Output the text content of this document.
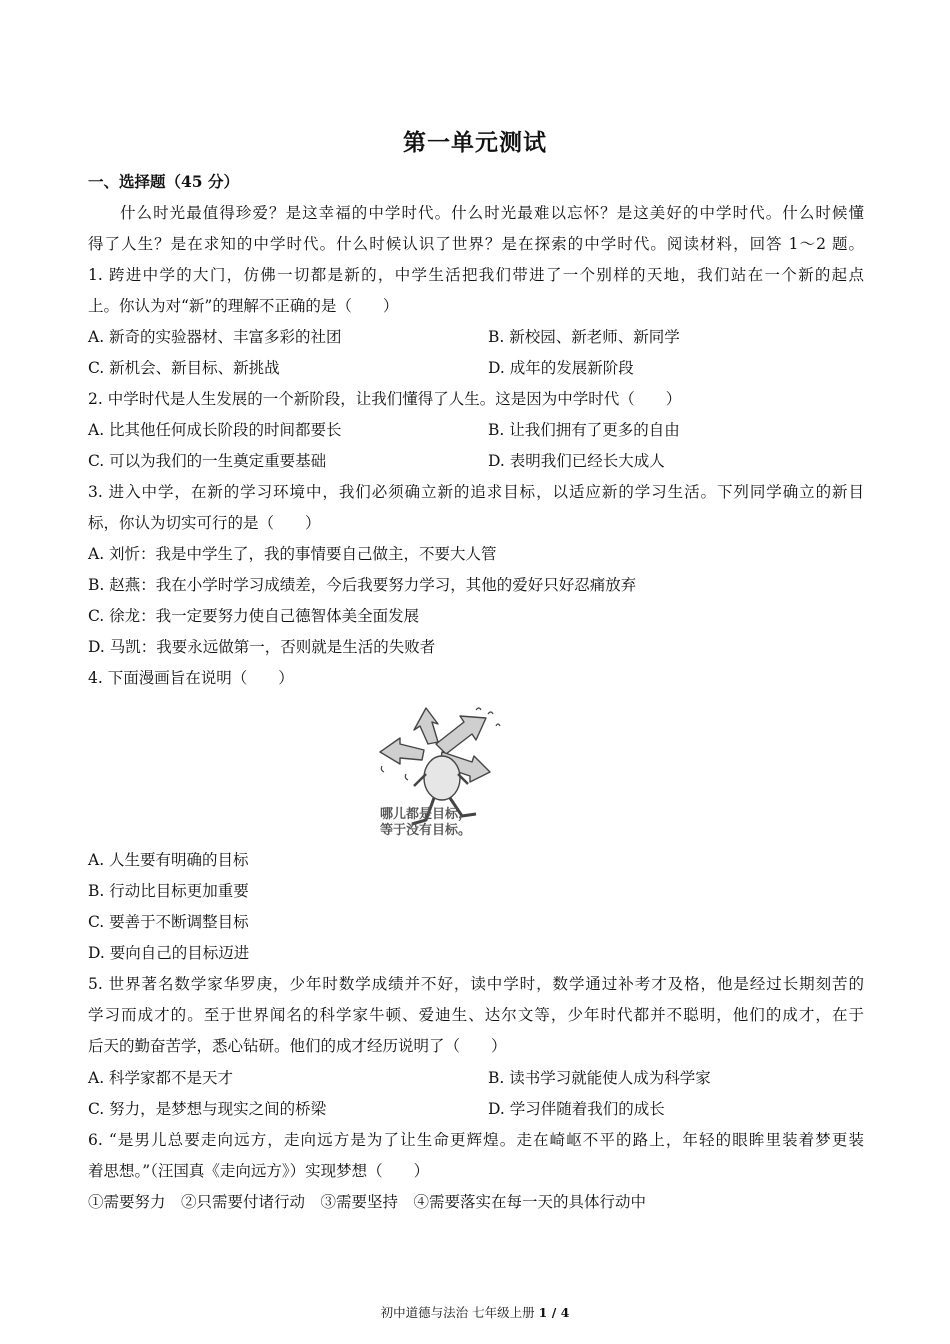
第一单元测试
一、选择题（45 分）
什么时光最值得珍爱？是这幸福的中学时代。什么时光最难以忘怀？是这美好的中学时代。什么时候懂
得了人生？是在求知的中学时代。什么时候认识了世界？是在探索的中学时代。阅读材料，回答 1～2 题。
1. 跨进中学的大门，仿佛一切都是新的，中学生活把我们带进了一个别样的天地，我们站在一个新的起点
上。你认为对“新”的理解不正确的是（　　）
A. 新奇的实验器材、丰富多彩的社团	B. 新校园、新老师、新同学
C. 新机会、新目标、新挑战	D. 成年的发展新阶段
2. 中学时代是人生发展的一个新阶段，让我们懂得了人生。这是因为中学时代（　　）
A. 比其他任何成长阶段的时间都要长	B. 让我们拥有了更多的自由
C. 可以为我们的一生奠定重要基础	D. 表明我们已经长大成人
3. 进入中学，在新的学习环境中，我们必须确立新的追求目标，以适应新的学习生活。下列同学确立的新目
标，你认为切实可行的是（　　）
A. 刘忻：我是中学生了，我的事情要自己做主，不要大人管
B. 赵燕：我在小学时学习成绩差，今后我要努力学习，其他的爱好只好忍痛放弃
C. 徐龙：我一定要努力使自己德智体美全面发展
D. 马凯：我要永远做第一，否则就是生活的失败者
4. 下面漫画旨在说明（　　）
哪儿都是目标，
等于没有目标。
A. 人生要有明确的目标
B. 行动比目标更加重要
C. 要善于不断调整目标
D. 要向自己的目标迈进
5. 世界著名数学家华罗庚，少年时数学成绩并不好，读中学时，数学通过补考才及格，他是经过长期刻苦的
学习而成才的。至于世界闻名的科学家牛顿、爱迪生、达尔文等，少年时代都并不聪明，他们的成才，在于
后天的勤奋苦学，悉心钻研。他们的成才经历说明了（　　）
A. 科学家都不是天才	B. 读书学习就能使人成为科学家
C. 努力，是梦想与现实之间的桥梁	D. 学习伴随着我们的成长
6. “是男儿总要走向远方，走向远方是为了让生命更辉煌。走在崎岖不平的路上，年轻的眼眸里装着梦更装
着思想。”（汪国真《走向远方》）实现梦想（　　）
①需要努力　②只需要付诸行动　③需要坚持　④需要落实在每一天的具体行动中
初中道德与法治 七年级上册 1 / 4
